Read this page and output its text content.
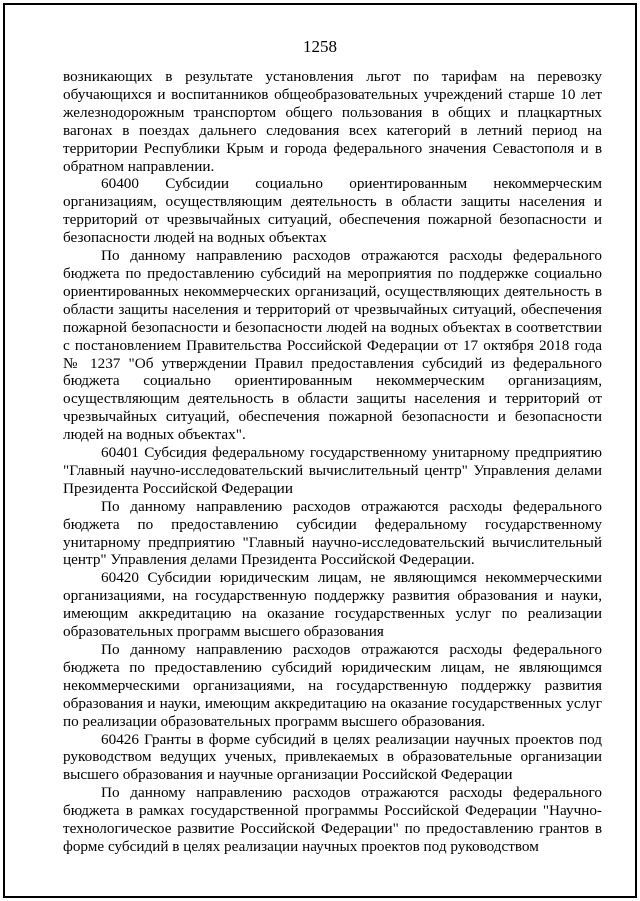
1258

возникающих в результате установления льгот по тарифам на перевозку обучающихся и воспитанников общеобразовательных учреждений старше 10 лет железнодорожным транспортом общего пользования в общих и плацкартных вагонах в поездах дальнего следования всех категорий в летний период на территории Республики Крым и города федерального значения Севастополя и в обратном направлении.

60400 Субсидии социально ориентированным некоммерческим организациям, осуществляющим деятельность в области защиты населения и территорий от чрезвычайных ситуаций, обеспечения пожарной безопасности и безопасности людей на водных объектах

По данному направлению расходов отражаются расходы федерального бюджета по предоставлению субсидий на мероприятия по поддержке социально ориентированных некоммерческих организаций, осуществляющих деятельность в области защиты населения и территорий от чрезвычайных ситуаций, обеспечения пожарной безопасности и безопасности людей на водных объектах в соответствии с постановлением Правительства Российской Федерации от 17 октября 2018 года № 1237 "Об утверждении Правил предоставления субсидий из федерального бюджета социально ориентированным некоммерческим организациям, осуществляющим деятельность в области защиты населения и территорий от чрезвычайных ситуаций, обеспечения пожарной безопасности и безопасности людей на водных объектах".

60401 Субсидия федеральному государственному унитарному предприятию "Главный научно-исследовательский вычислительный центр" Управления делами Президента Российской Федерации

По данному направлению расходов отражаются расходы федерального бюджета по предоставлению субсидии федеральному государственному унитарному предприятию "Главный научно-исследовательский вычислительный центр" Управления делами Президента Российской Федерации.

60420 Субсидии юридическим лицам, не являющимся некоммерческими организациями, на государственную поддержку развития образования и науки, имеющим аккредитацию на оказание государственных услуг по реализации образовательных программ высшего образования

По данному направлению расходов отражаются расходы федерального бюджета по предоставлению субсидий юридическим лицам, не являющимся некоммерческими организациями, на государственную поддержку развития образования и науки, имеющим аккредитацию на оказание государственных услуг по реализации образовательных программ высшего образования.

60426 Гранты в форме субсидий в целях реализации научных проектов под руководством ведущих ученых, привлекаемых в образовательные организации высшего образования и научные организации Российской Федерации

По данному направлению расходов отражаются расходы федерального бюджета в рамках государственной программы Российской Федерации "Научно-технологическое развитие Российской Федерации" по предоставлению грантов в форме субсидий в целях реализации научных проектов под руководством
